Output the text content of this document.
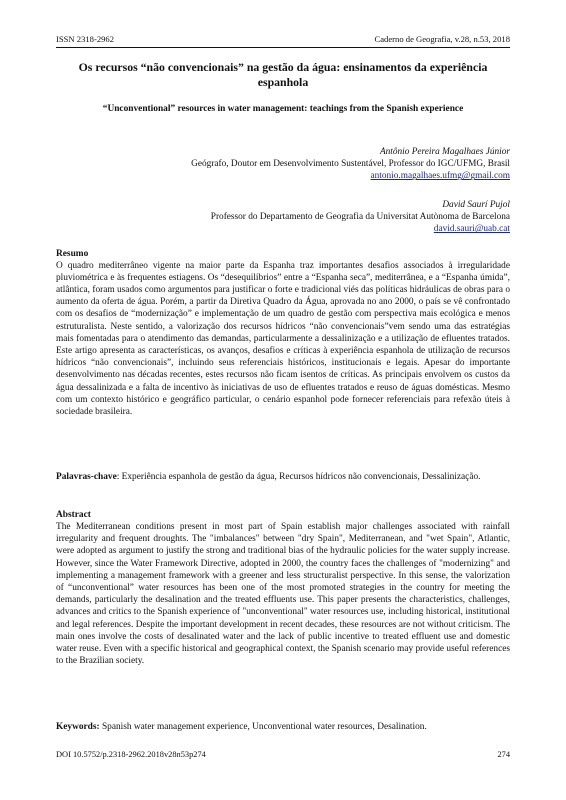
ISSN 2318-2962	Caderno de Geografia, v.28, n.53, 2018
Os recursos “não convencionais” na gestão da água: ensinamentos da experiência espanhola
“Unconventional” resources in water management: teachings from the Spanish experience
Antônio Pereira Magalhaes Júnior
Geógrafo, Doutor em Desenvolvimento Sustentável, Professor do IGC/UFMG, Brasil
antonio.magalhaes.ufmg@gmail.com
David Saurí Pujol
Professor do Departamento de Geografia da Universitat Autònoma de Barcelona
david.sauri@uab.cat
Resumo
O quadro mediterrâneo vigente na maior parte da Espanha traz importantes desafios associados à irregularidade pluviométrica e às frequentes estiagens. Os “desequilíbrios” entre a “Espanha seca”, mediterrânea, e a “Espanha úmida”, atlântica, foram usados como argumentos para justificar o forte e tradicional viés das políticas hidráulicas de obras para o aumento da oferta de água. Porém, a partir da Diretiva Quadro da Água, aprovada no ano 2000, o país se vê confrontado com os desafios de “modernização” e implementação de um quadro de gestão com perspectiva mais ecológica e menos estruturalista. Neste sentido, a valorização dos recursos hídricos “não convencionais”vem sendo uma das estratégias mais fomentadas para o atendimento das demandas, particularmente a dessalinização e a utilização de efluentes tratados. Este artigo apresenta as características, os avanços, desafios e críticas à experiência espanhola de utilização de recursos hídricos “não convencionais”, incluindo seus referenciais históricos, institucionais e legais. Apesar do importante desenvolvimento nas décadas recentes, estes recursos não ficam isentos de críticas. As principais envolvem os custos da água dessalinizada e a falta de incentivo às iniciativas de uso de efluentes tratados e reuso de águas domésticas. Mesmo com um contexto histórico e geográfico particular, o cenário espanhol pode fornecer referenciais para refexão úteis à sociedade brasileira.
Palavras-chave: Experiência espanhola de gestão da água, Recursos hídricos não convencionais, Dessalinização.
Abstract
The Mediterranean conditions present in most part of Spain establish major challenges associated with rainfall irregularity and frequent droughts. The "imbalances" between "dry Spain", Mediterranean, and "wet Spain", Atlantic, were adopted as argument to justify the strong and traditional bias of the hydraulic policies for the water supply increase. However, since the Water Framework Directive, adopted in 2000, the country faces the challenges of "modernizing" and implementing a management framework with a greener and less structuralist perspective. In this sense, the valorization of “unconventional” water resources has been one of the most promoted strategies in the country for meeting the demands, particularly the desalination and the treated effluents use. This paper presents the characteristics, challenges, advances and critics to the Spanish experience of "unconventional" water resources use, including historical, institutional and legal references. Despite the important development in recent decades, these resources are not without criticism. The main ones involve the costs of desalinated water and the lack of public incentive to treated effluent use and domestic water reuse. Even with a specific historical and geographical context, the Spanish scenario may provide useful references to the Brazilian society.
Keywords: Spanish water management experience, Unconventional water resources, Desalination.
DOI 10.5752/p.2318-2962.2018v28n53p274	274
